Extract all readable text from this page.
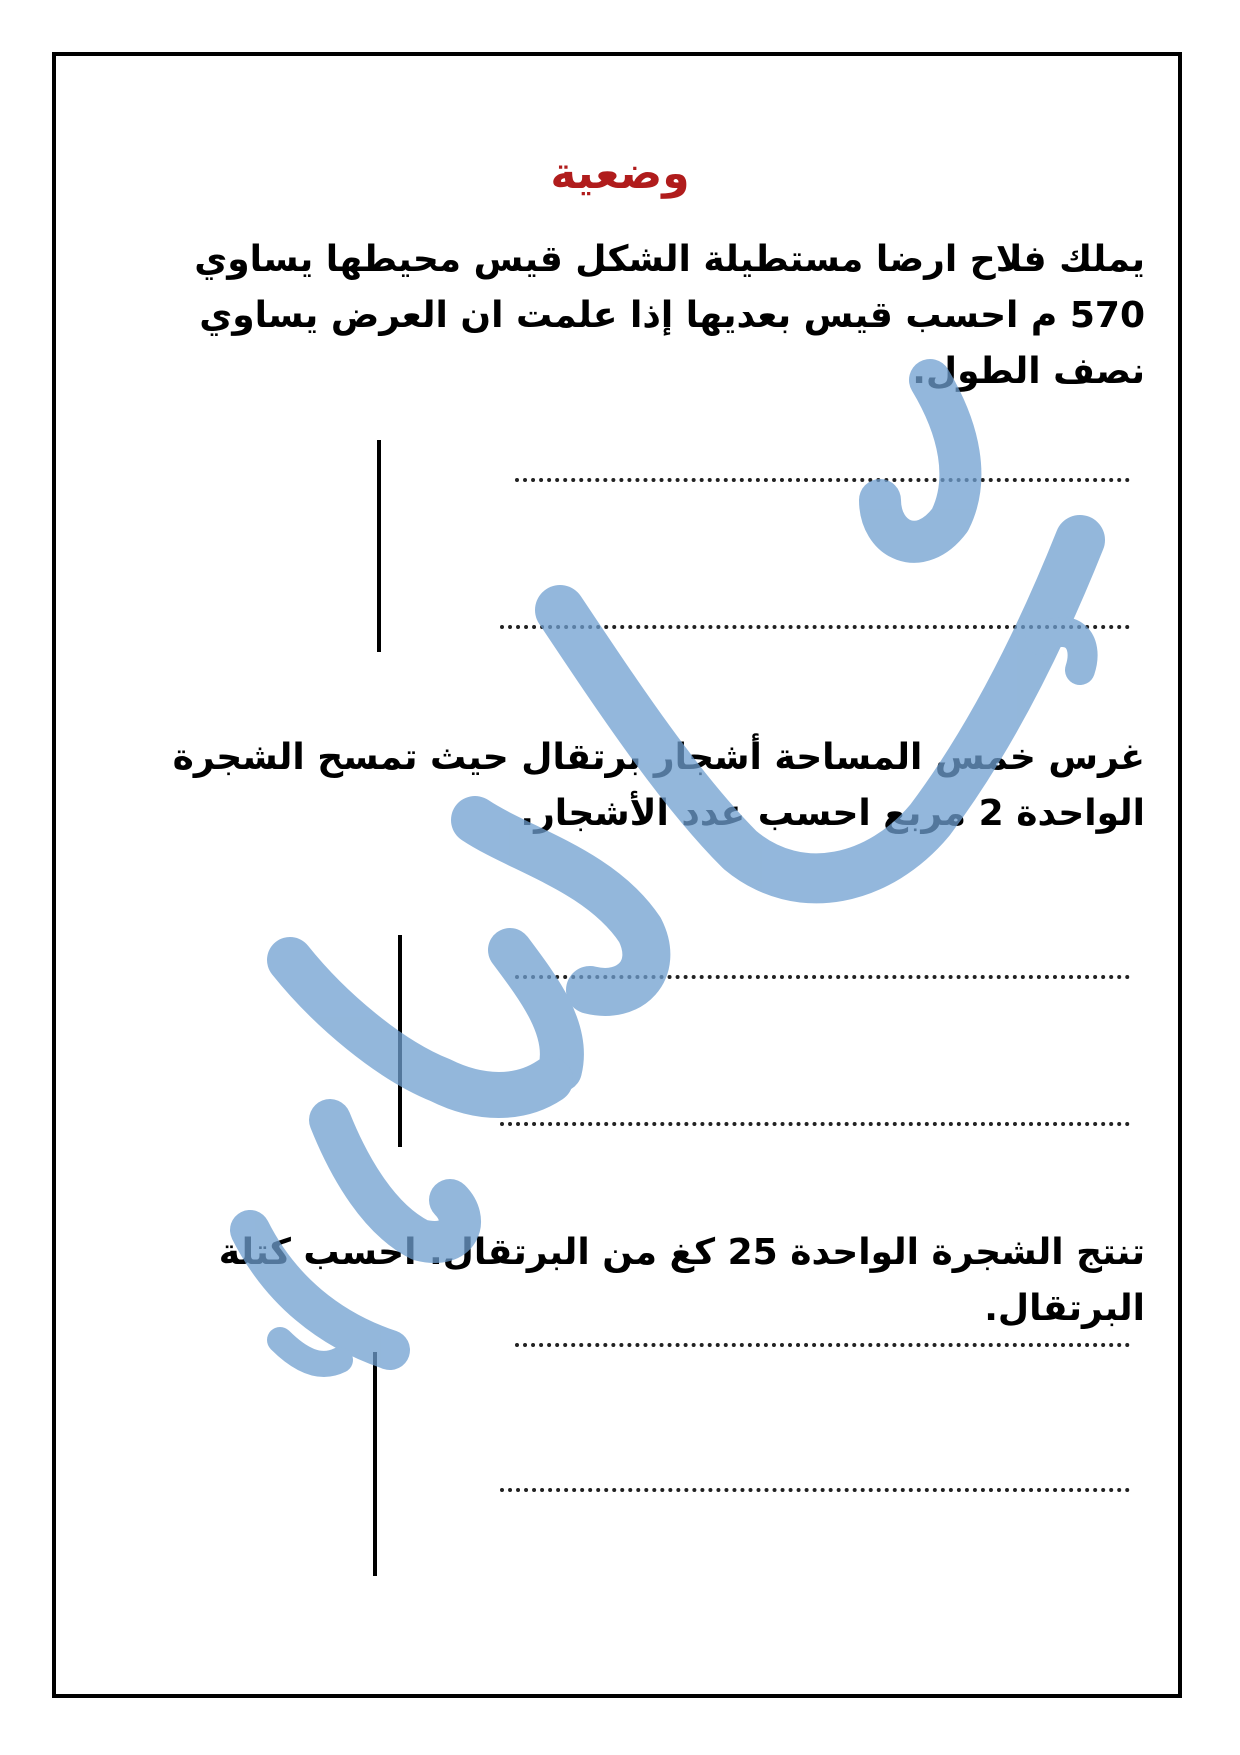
وضعية
يملك فلاح ارضا مستطيلة الشكل قيس محيطها يساوي 570 م احسب قيس بعديها إذا علمت ان العرض يساوي نصف الطول.
غرس خمس المساحة أشجار برتقال حيث تمسح الشجرة الواحدة 2 مربع احسب عدد الأشجار.
تنتج الشجرة الواحدة 25 كغ من البرتقال. احسب كتلة البرتقال.
